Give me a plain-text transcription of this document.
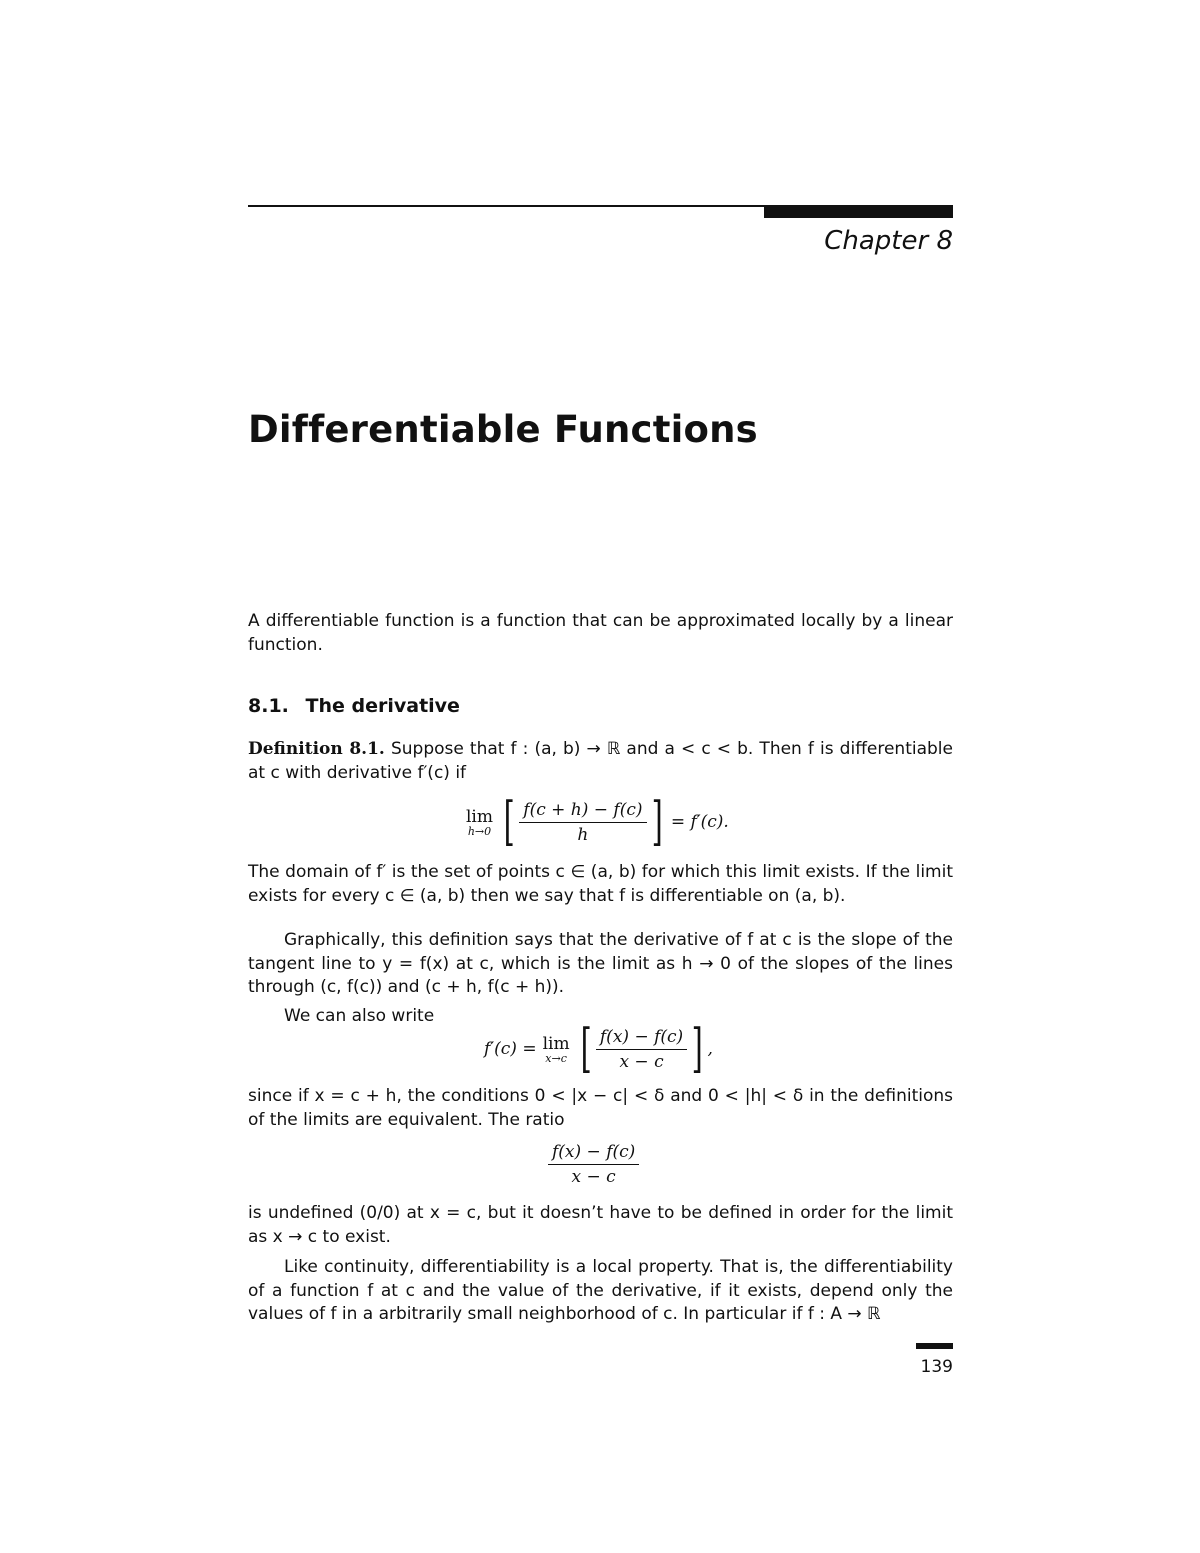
Chapter 8
Differentiable Functions
A differentiable function is a function that can be approximated locally by a linear function.
8.1. The derivative
Definition 8.1. Suppose that f : (a, b) → ℝ and a < c < b. Then f is differentiable at c with derivative f′(c) if
lim
h→0 [ $\frac{f(c + h) - f(c)}{h}$ ] = f′(c).
The domain of f′ is the set of points c ∈ (a, b) for which this limit exists. If the limit exists for every c ∈ (a, b) then we say that f is differentiable on (a, b).
Graphically, this definition says that the derivative of f at c is the slope of the tangent line to y = f(x) at c, which is the limit as h → 0 of the slopes of the lines through (c, f(c)) and (c + h, f(c + h)).
We can also write
f′(c) = lim
x→c [ $\frac{f(x) - f(c)}{x - c}$ ] ,
since if x = c + h, the conditions 0 < |x − c| < δ and 0 < |h| < δ in the definitions of the limits are equivalent. The ratio
$\frac{f(x) - f(c)}{x - c}$
is undefined (0/0) at x = c, but it doesn’t have to be defined in order for the limit as x → c to exist.
Like continuity, differentiability is a local property. That is, the differentiability of a function f at c and the value of the derivative, if it exists, depend only the values of f in a arbitrarily small neighborhood of c. In particular if f : A → ℝ
139
